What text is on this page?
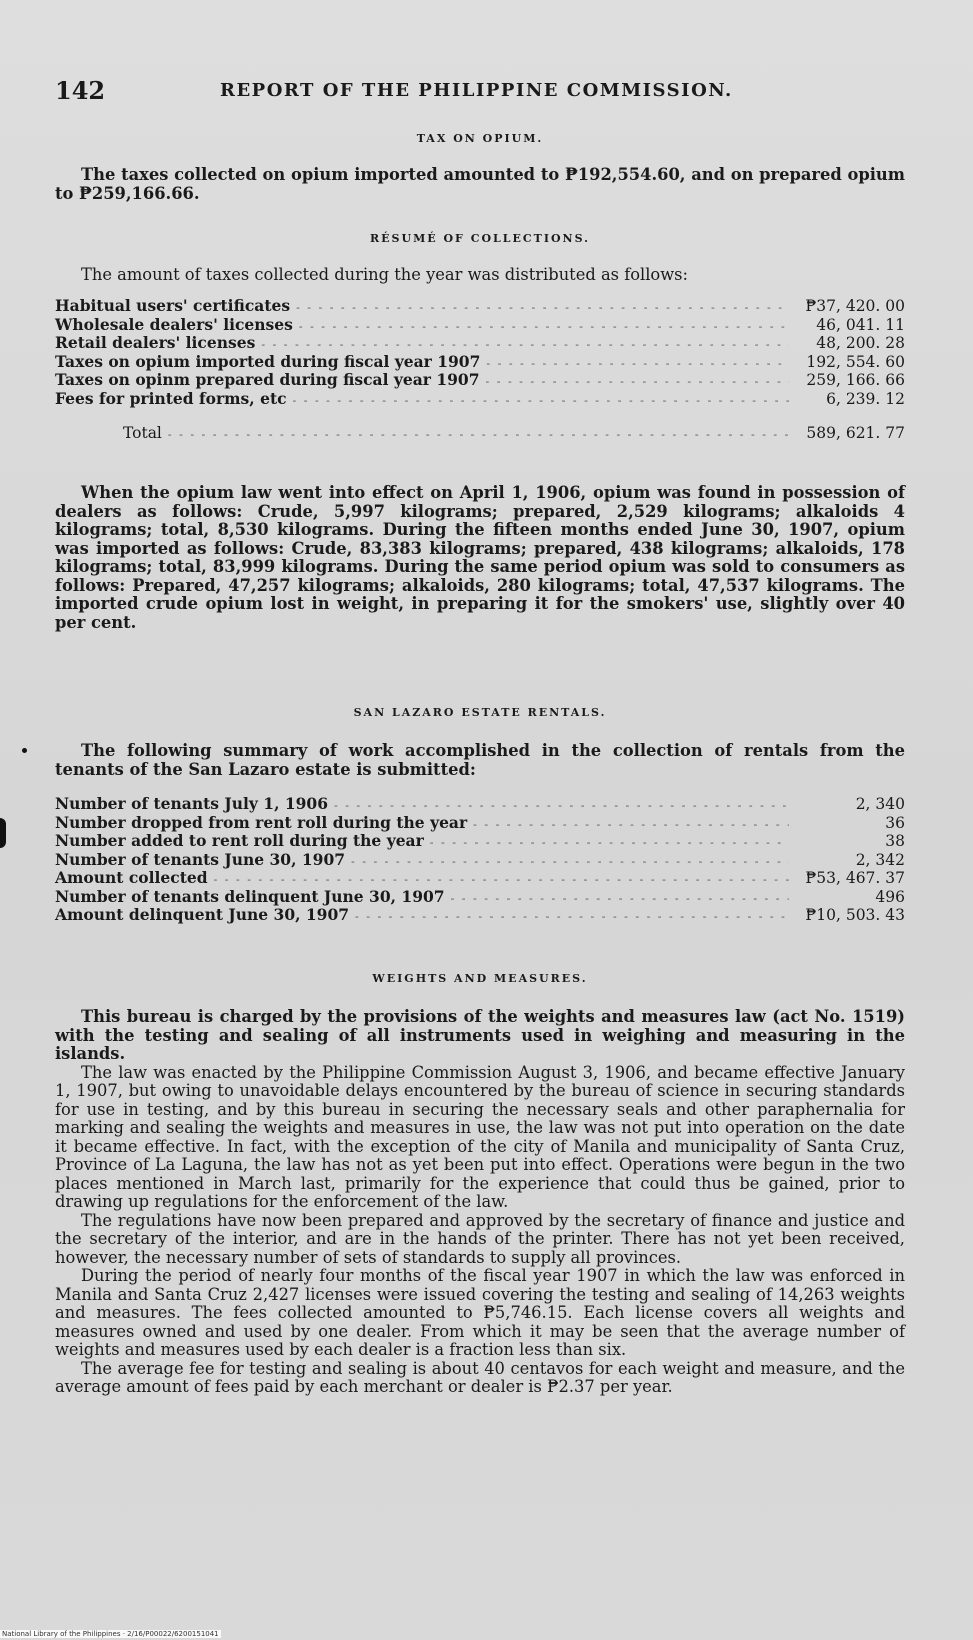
142	REPORT OF THE PHILIPPINE COMMISSION.
TAX ON OPIUM.

The taxes collected on opium imported amounted to ₱192,554.60, and on prepared opium to ₱259,166.66.

RÉSUMÉ OF COLLECTIONS.

The amount of taxes collected during the year was distributed as follows:

Habitual users' certificates - - -	₱37, 420. 00
Wholesale dealers' licenses - - -	46, 041. 11
Retail dealers' licenses - - -	48, 200. 28
Taxes on opium imported during fiscal year 1907 - - -	192, 554. 60
Taxes on opinm prepared during fiscal year 1907 - - -	259, 166. 66
Fees for printed forms, etc - - -	6, 239. 12
Total - - -	589, 621. 77

When the opium law went into effect on April 1, 1906, opium was found in possession of dealers as follows: Crude, 5,997 kilograms; prepared, 2,529 kilograms; alkaloids 4 kilograms; total, 8,530 kilograms. During the fifteen months ended June 30, 1907, opium was imported as follows: Crude, 83,383 kilograms; prepared, 438 kilograms; alkaloids, 178 kilograms; total, 83,999 kilograms. During the same period opium was sold to consumers as follows: Prepared, 47,257 kilograms; alkaloids, 280 kilograms; total, 47,537 kilograms. The imported crude opium lost in weight, in preparing it for the smokers' use, slightly over 40 per cent.

SAN LAZARO ESTATE RENTALS.

The following summary of work accomplished in the collection of rentals from the tenants of the San Lazaro estate is submitted:

Number of tenants July 1, 1906 - - -	2, 340
Number dropped from rent roll during the year - - -	36
Number added to rent roll during the year - - -	38
Number of tenants June 30, 1907 - - -	2, 342
Amount collected - - -	₱53, 467. 37
Number of tenants delinquent June 30, 1907 - - -	496
Amount delinquent June 30, 1907 - - -	₱10, 503. 43
WEIGHTS AND MEASURES.

This bureau is charged by the provisions of the weights and measures law (act No. 1519) with the testing and sealing of all instruments used in weighing and measuring in the islands.

The law was enacted by the Philippine Commission August 3, 1906, and became effective January 1, 1907, but owing to unavoidable delays encountered by the bureau of science in securing standards for use in testing, and by this bureau in securing the necessary seals and other paraphernalia for marking and sealing the weights and measures in use, the law was not put into operation on the date it became effective. In fact, with the exception of the city of Manila and municipality of Santa Cruz, Province of La Laguna, the law has not as yet been put into effect. Operations were begun in the two places mentioned in March last, primarily for the experience that could thus be gained, prior to drawing up regulations for the enforcement of the law.

The regulations have now been prepared and approved by the secretary of finance and justice and the secretary of the interior, and are in the hands of the printer. There has not yet been received, however, the necessary number of sets of standards to supply all provinces.

During the period of nearly four months of the fiscal year 1907 in which the law was enforced in Manila and Santa Cruz 2,427 licenses were issued covering the testing and sealing of 14,263 weights and measures. The fees collected amounted to ₱5,746.15. Each license covers all weights and measures owned and used by one dealer. From which it may be seen that the average number of weights and measures used by each dealer is a fraction less than six.

The average fee for testing and sealing is about 40 centavos for each weight and measure, and the average amount of fees paid by each merchant or dealer is ₱2.37 per year.

National Library of the Philippines · 2/16/P00022/6200151041
